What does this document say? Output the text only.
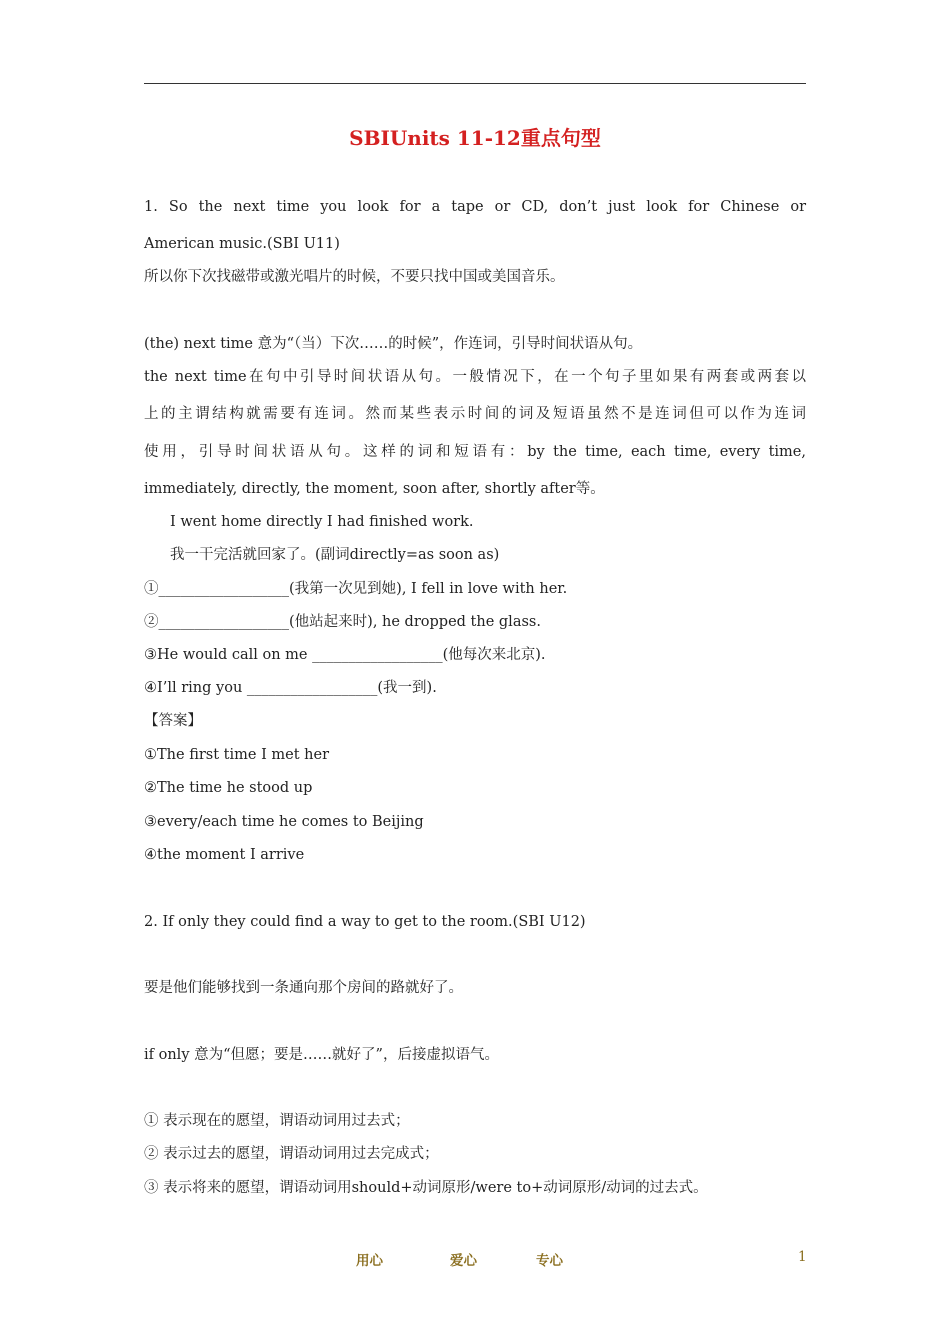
SBⅠUnits 11-12重点句型
1. So the next time you look for a tape or CD, don’t just look for Chinese or
American music.(SBⅠ U11)
所以你下次找磁带或激光唱片的时候，不要只找中国或美国音乐。
(the) next time 意为“（当）下次……的时候”，作连词，引导时间状语从句。
the next time在句中引导时间状语从句。一般情况下，在一个句子里如果有两套或两套以
上的主谓结构就需要有连词。然而某些表示时间的词及短语虽然不是连词但可以作为连词
使用，引导时间状语从句。这样的词和短语有：by the time, each time, every time,
immediately, directly, the moment, soon after, shortly after等。
I went home directly I had finished work.
我一干完活就回家了。(副词directly=as soon as)
①__________________(我第一次见到她), I fell in love with her.
②__________________(他站起来时), he dropped the glass.
③He would call on me __________________(他每次来北京).
④I’ll ring you __________________(我一到).
【答案】
①The first time I met her
②The time he stood up
③every/each time he comes to Beijing
④the moment I arrive
2. If only they could find a way to get to the room.(SBⅠ U12)
要是他们能够找到一条通向那个房间的路就好了。
if only 意为“但愿；要是……就好了”，后接虚拟语气。
① 表示现在的愿望，谓语动词用过去式；
② 表示过去的愿望，谓语动词用过去完成式；
③ 表示将来的愿望，谓语动词用should+动词原形/were to+动词原形/动词的过去式。
用心	爱心	专心	1
